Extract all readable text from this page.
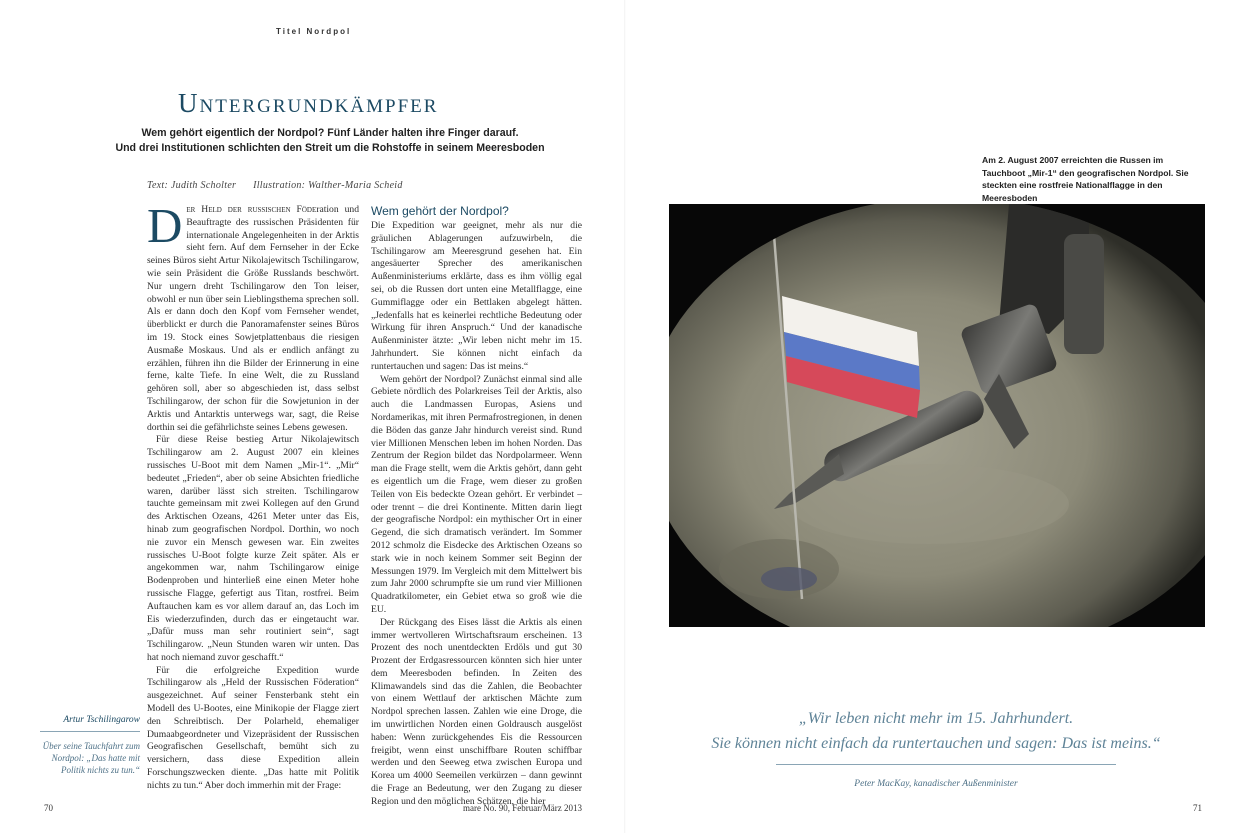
Titel Nordpol
Untergrundkämpfer
Wem gehört eigentlich der Nordpol? Fünf Länder halten ihre Finger darauf.
Und drei Institutionen schlichten den Streit um die Rohstoffe in seinem Meeresboden
Text: Judith Scholter Illustration: Walther-Maria Scheid

Der Held der russischen Föderation und Beauftragte des russischen Präsidenten für internationale Angelegenheiten in der Arktis sieht fern. Auf dem Fernseher in der Ecke seines Büros sieht Artur Nikolajewitsch Tschilingarow, wie sein Präsident die Größe Russlands beschwört. Nur ungern dreht Tschilingarow den Ton leiser, obwohl er nun über sein Lieblingsthema sprechen soll. Als er dann doch den Kopf vom Fernseher wendet, überblickt er durch die Panoramafenster seines Büros im 19. Stock eines Sowjetplattenbaus die riesigen Ausmaße Moskaus. Und als er endlich anfängt zu erzählen, führen ihn die Bilder der Erinnerung in eine ferne, kalte Tiefe. In eine Welt, die zu Russland gehören soll, aber so abgeschieden ist, dass selbst Tschilingarow, der schon für die Sowjetunion in der Arktis und Antarktis unterwegs war, sagt, die Reise dorthin sei die gefährlichste seines Lebens gewesen.

Für diese Reise bestieg Artur Nikolajewitsch Tschilingarow am 2. August 2007 ein kleines russisches U-Boot mit dem Namen „Mir-1“. „Mir“ bedeutet „Frieden“, aber ob seine Absichten friedliche waren, darüber lässt sich streiten. Tschilingarow tauchte gemeinsam mit zwei Kollegen auf den Grund des Arktischen Ozeans, 4261 Meter unter das Eis, hinab zum geografischen Nordpol. Dorthin, wo noch nie zuvor ein Mensch gewesen war. Ein zweites russisches U-Boot folgte kurze Zeit später. Als er angekommen war, nahm Tschilingarow einige Bodenproben und hinterließ eine einen Meter hohe russische Flagge, gefertigt aus Titan, rostfrei. Beim Auftauchen kam es vor allem darauf an, das Loch im Eis wiederzufinden, durch das er eingetaucht war. „Dafür muss man sehr routiniert sein“, sagt Tschilingarow. „Neun Stunden waren wir unten. Das hat noch niemand zuvor geschafft.“

Für die erfolgreiche Expedition wurde Tschilingarow als „Held der Russischen Föderation“ ausgezeichnet. Auf seiner Fensterbank steht ein Modell des U-Bootes, eine Minikopie der Flagge ziert den Schreibtisch. Der Polarheld, ehemaliger Dumaabgeordneter und Vizepräsident der Russischen Geografischen Gesellschaft, bemüht sich zu versichern, dass diese Expedition allein Forschungszwecken diente. „Das hatte mit Politik nichts zu tun.“ Aber doch immerhin mit der Frage:

Wem gehört der Nordpol?

Die Expedition war geeignet, mehr als nur die gräulichen Ablagerungen aufzuwirbeln, die Tschilingarow am Meeresgrund gesehen hat. Ein angesäuerter Sprecher des amerikanischen Außenministeriums erklärte, dass es ihm völlig egal sei, ob die Russen dort unten eine Metallflagge, eine Gummiflagge oder ein Bettlaken abgelegt hätten. „Jedenfalls hat es keinerlei rechtliche Bedeutung oder Wirkung für ihren Anspruch.“ Und der kanadische Außenminister ätzte: „Wir leben nicht mehr im 15. Jahrhundert. Sie können nicht einfach da runtertauchen und sagen: Das ist meins.“

Wem gehört der Nordpol? Zunächst einmal sind alle Gebiete nördlich des Polarkreises Teil der Arktis, also auch die Landmassen Europas, Asiens und Nordamerikas, mit ihren Permafrostregionen, in denen die Böden das ganze Jahr hindurch vereist sind. Rund vier Millionen Menschen leben im hohen Norden. Das Zentrum der Region bildet das Nordpolarmeer. Wenn man die Frage stellt, wem die Arktis gehört, dann geht es eigentlich um die Frage, wem dieser zu großen Teilen von Eis bedeckte Ozean gehört. Er verbindet – oder trennt – die drei Kontinente. Mitten darin liegt der geografische Nordpol: ein mythischer Ort in einer Gegend, die sich dramatisch verändert. Im Sommer 2012 schmolz die Eisdecke des Arktischen Ozeans so stark wie in noch keinem Sommer seit Beginn der Messungen 1979. Im Vergleich mit dem Mittelwert bis zum Jahr 2000 schrumpfte sie um rund vier Millionen Quadratkilometer, ein Gebiet etwa so groß wie die EU.

Der Rückgang des Eises lässt die Arktis als einen immer wertvolleren Wirtschaftsraum erscheinen. 13 Prozent des noch unentdeckten Erdöls und gut 30 Prozent der Erdgasressourcen könnten sich hier unter dem Meeresboden befinden. In Zeiten des Klimawandels sind das die Zahlen, die Beobachter von einem Wettlauf der arktischen Mächte zum Nordpol sprechen lassen. Zahlen wie eine Droge, die im unwirtlichen Norden einen Goldrausch ausgelöst haben: Wenn zurückgehendes Eis die Ressourcen freigibt, wenn einst unschiffbare Routen schiffbar werden und den Seeweg etwa zwischen Europa und Korea um 4000 Seemeilen verkürzen – dann gewinnt die Frage an Bedeutung, wer den Zugang zu dieser Region und den möglichen Schätzen, die hier

Artur Tschilingarow
Über seine Tauchfahrt zum Nordpol: „Das hatte mit Politik nichts zu tun.“
70	mare No. 90, Februar/März 2013	71
Am 2. August 2007 erreichten die Russen im Tauchboot „Mir-1“ den geografischen Nordpol. Sie steckten eine rostfreie Nationalflagge in den Meeresboden
„Wir leben nicht mehr im 15. Jahrhundert.
Sie können nicht einfach da runtertauchen und sagen: Das ist meins.“
Peter MacKay, kanadischer Außenminister
